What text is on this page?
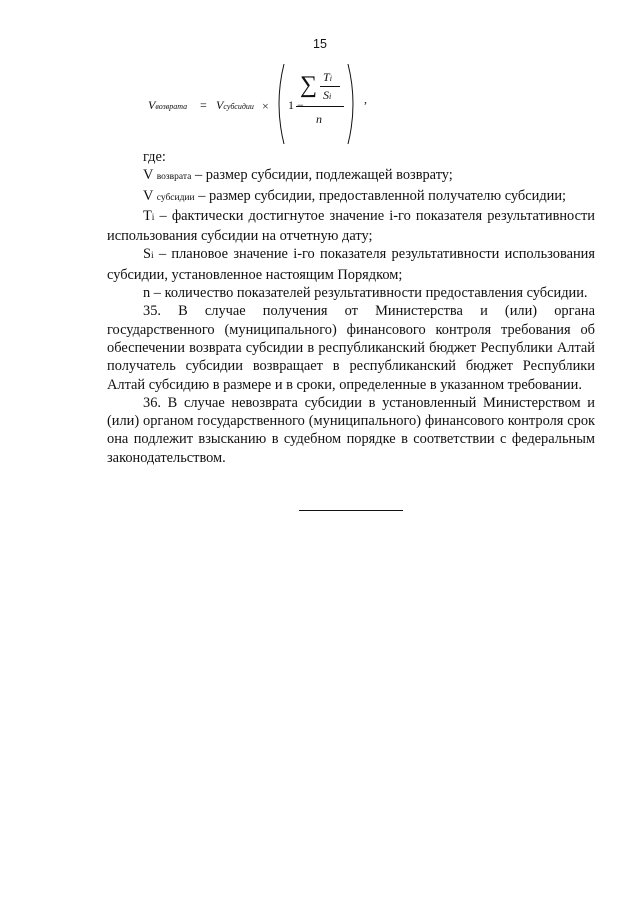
15
Vвозврата = Vсубсидии × 1 −
∑ Ti
Si
n
,

где:

V возврата – размер субсидии, подлежащей возврату;

V субсидии – размер субсидии, предоставленной получателю субсидии;

Ti – фактически достигнутое значение i-го показателя результативности использования субсидии на отчетную дату;

Si – плановое значение i-го показателя результативности использования субсидии, установленное настоящим Порядком;

n – количество показателей результативности предоставления субсидии.

35. В случае получения от Министерства и (или) органа государственного (муниципального) финансового контроля требования об обеспечении возврата субсидии в республиканский бюджет Республики Алтай получатель субсидии возвращает в республиканский бюджет Республики Алтай субсидию в размере и в сроки, определенные в указанном требовании.

36. В случае невозврата субсидии в установленный Министерством и (или) органом государственного (муниципального) финансового контроля срок она подлежит взысканию в судебном порядке в соответствии с федеральным законодательством.
